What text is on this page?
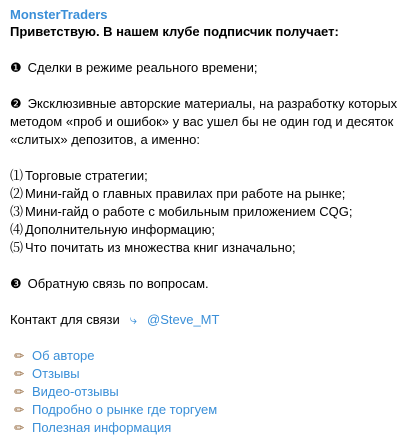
MonsterTraders
Приветствую. В нашем клубе подписчик получает:
❶ Сделки в режиме реального времени;
❷ Эксклюзивные авторские материалы, на разработку которых
методом «проб и ошибок» у вас ушел бы не один год и десяток
«слитых» депозитов, а именно:
⑴ Торговые стратегии;
⑵ Мини-гайд о главных правилах при работе на рынке;
⑶ Мини-гайд о работе с мобильным приложением CQG;
⑷ Дополнительную информацию;
⑸ Что почитать из множества книг изначально;
❸ Обратную связь по вопросам.
Контакт для связи ⤷ @Steve_MT
✏ Об авторе
✏ Отзывы
✏ Видео-отзывы
✏ Подробно о рынке где торгуем
✏ Полезная информация
